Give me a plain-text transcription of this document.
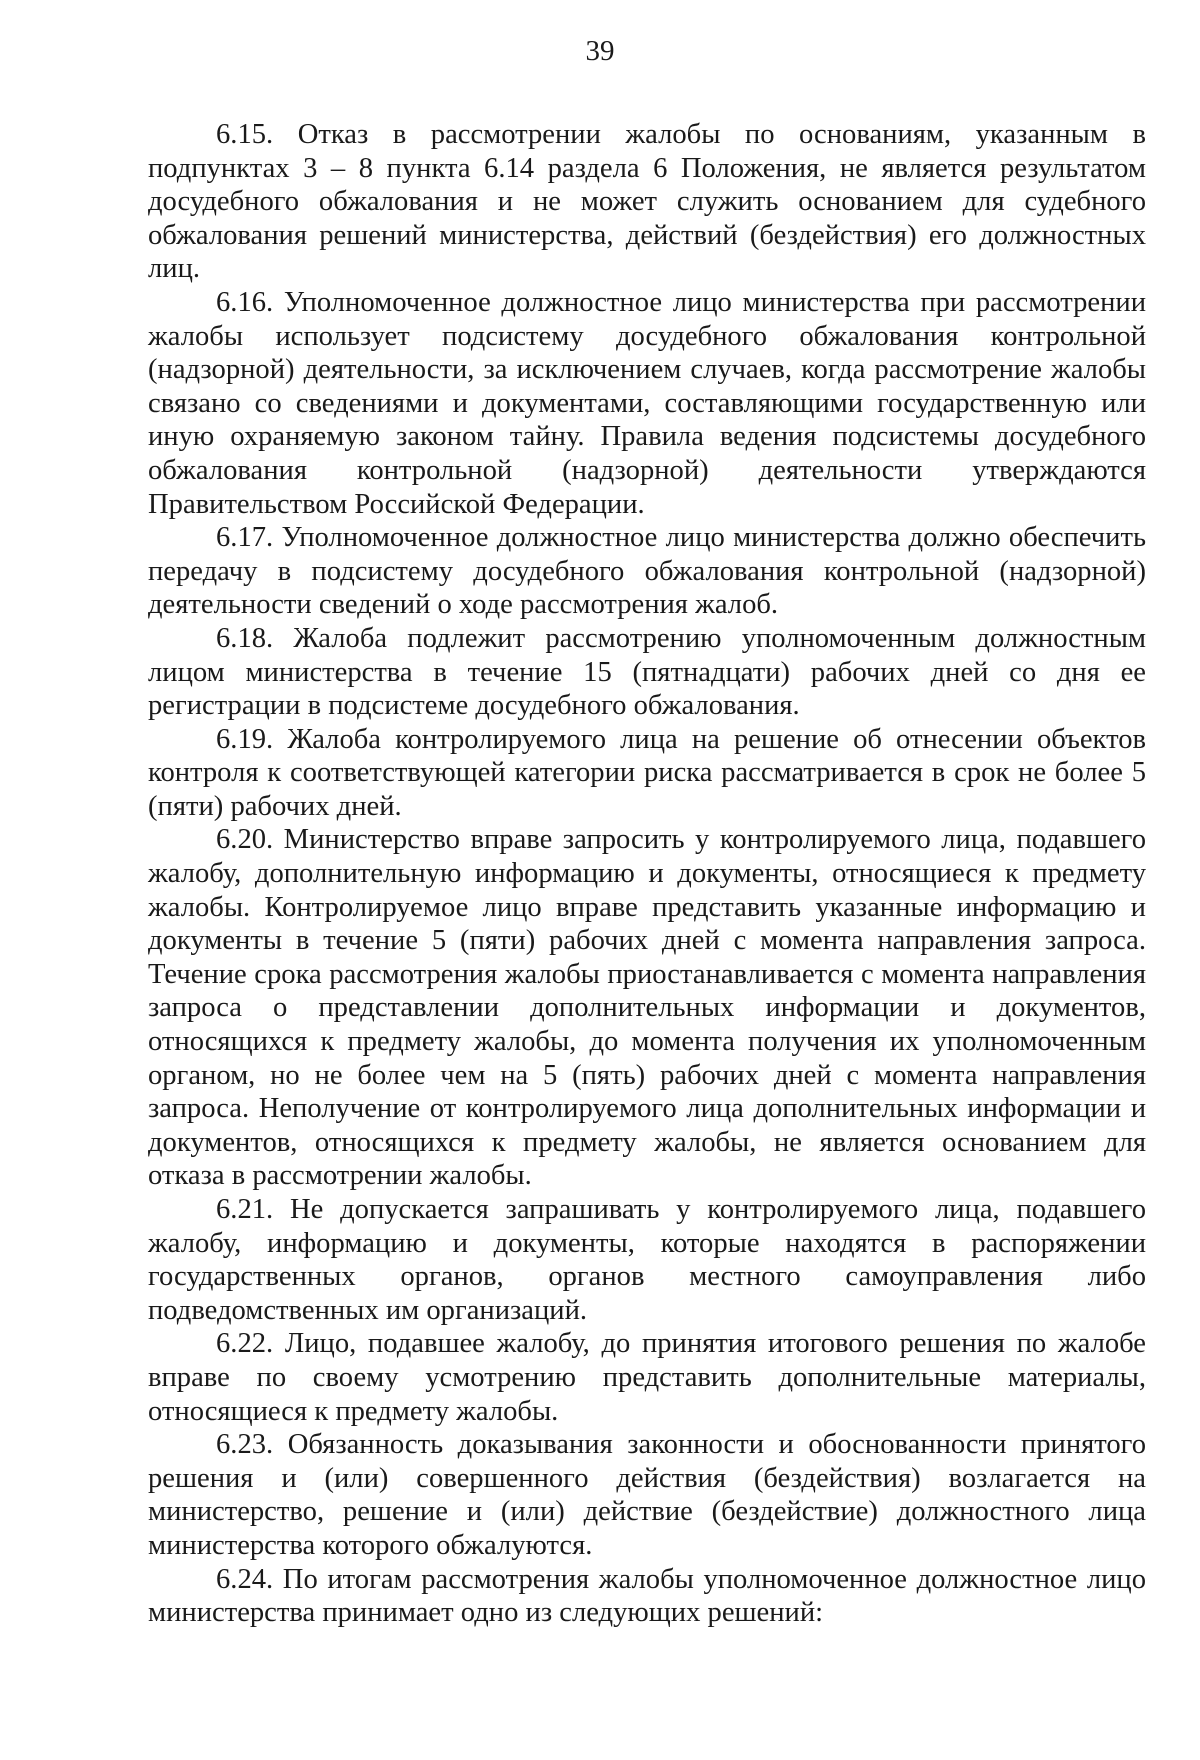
39

6.15. Отказ в рассмотрении жалобы по основаниям, указанным в подпунктах 3 – 8 пункта 6.14 раздела 6 Положения, не является результатом досудебного обжалования и не может служить основанием для судебного обжалования решений министерства, действий (бездействия) его должностных лиц.

6.16. Уполномоченное должностное лицо министерства при рассмотрении жалобы использует подсистему досудебного обжалования контрольной (надзорной) деятельности, за исключением случаев, когда рассмотрение жалобы связано со сведениями и документами, составляющими государственную или иную охраняемую законом тайну. Правила ведения подсистемы досудебного обжалования контрольной (надзорной) деятельности утверждаются Правительством Российской Федерации.

6.17. Уполномоченное должностное лицо министерства должно обеспечить передачу в подсистему досудебного обжалования контрольной (надзорной) деятельности сведений о ходе рассмотрения жалоб.

6.18. Жалоба подлежит рассмотрению уполномоченным должностным лицом министерства в течение 15 (пятнадцати) рабочих дней со дня ее регистрации в подсистеме досудебного обжалования.

6.19. Жалоба контролируемого лица на решение об отнесении объектов контроля к соответствующей категории риска рассматривается в срок не более 5 (пяти) рабочих дней.

6.20. Министерство вправе запросить у контролируемого лица, подавшего жалобу, дополнительную информацию и документы, относящиеся к предмету жалобы. Контролируемое лицо вправе представить указанные информацию и документы в течение 5 (пяти) рабочих дней с момента направления запроса. Течение срока рассмотрения жалобы приостанавливается с момента направления запроса о представлении дополнительных информации и документов, относящихся к предмету жалобы, до момента получения их уполномоченным органом, но не более чем на 5 (пять) рабочих дней с момента направления запроса. Неполучение от контролируемого лица дополнительных информации и документов, относящихся к предмету жалобы, не является основанием для отказа в рассмотрении жалобы.

6.21. Не допускается запрашивать у контролируемого лица, подавшего жалобу, информацию и документы, которые находятся в распоряжении государственных органов, органов местного самоуправления либо подведомственных им организаций.

6.22. Лицо, подавшее жалобу, до принятия итогового решения по жалобе вправе по своему усмотрению представить дополнительные материалы, относящиеся к предмету жалобы.

6.23. Обязанность доказывания законности и обоснованности принятого решения и (или) совершенного действия (бездействия) возлагается на министерство, решение и (или) действие (бездействие) должностного лица министерства которого обжалуются.

6.24. По итогам рассмотрения жалобы уполномоченное должностное лицо министерства принимает одно из следующих решений:
